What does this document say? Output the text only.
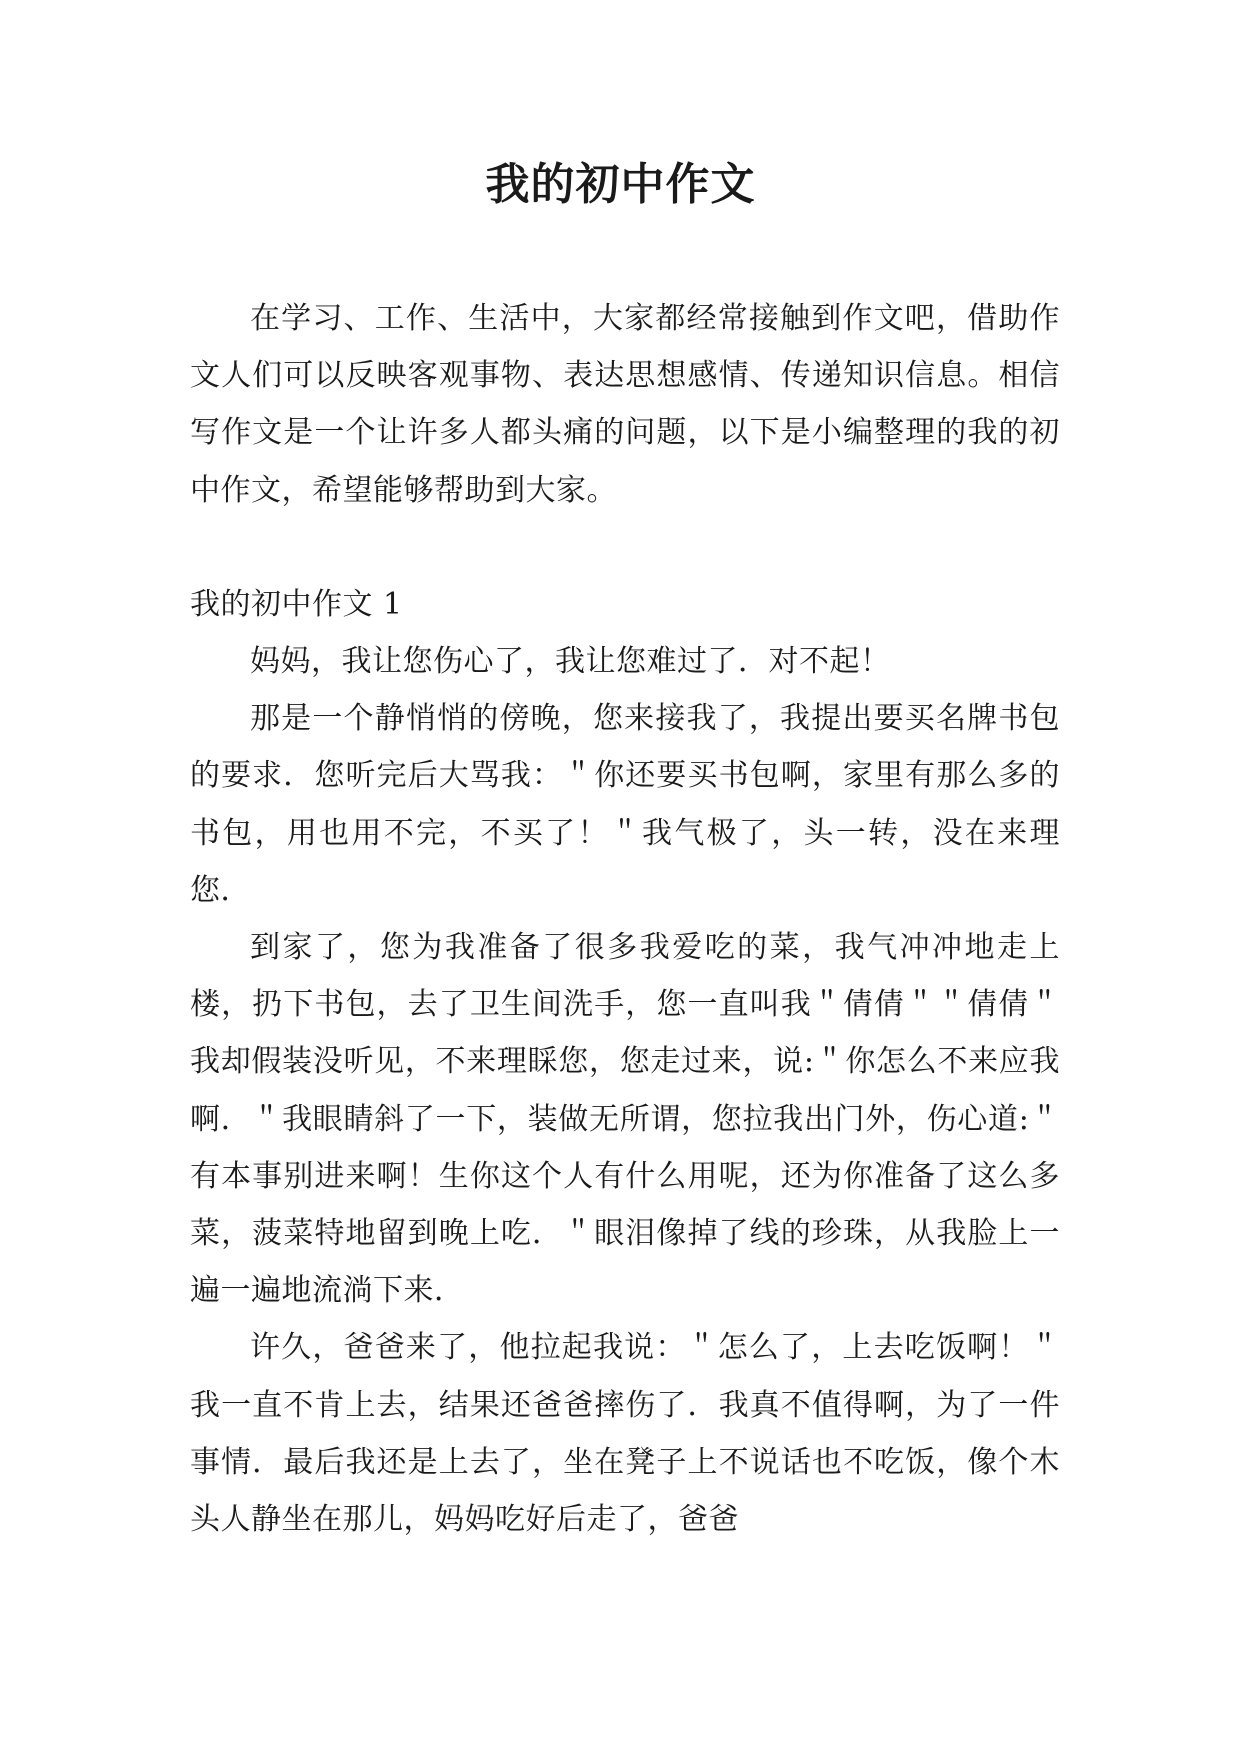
我的初中作文

在学习、工作、生活中，大家都经常接触到作文吧，借助作文人们可以反映客观事物、表达思想感情、传递知识信息。相信写作文是一个让许多人都头痛的问题，以下是小编整理的我的初中作文，希望能够帮助到大家。

我的初中作文 1

妈妈，我让您伤心了，我让您难过了．对不起！

那是一个静悄悄的傍晚，您来接我了，我提出要买名牌书包的要求．您听完后大骂我：＂你还要买书包啊，家里有那么多的书包，用也用不完，不买了！＂我气极了，头一转，没在来理您．

到家了，您为我准备了很多我爱吃的菜，我气冲冲地走上楼，扔下书包，去了卫生间洗手，您一直叫我＂倩倩＂＂倩倩＂我却假装没听见，不来理睬您，您走过来，说:＂你怎么不来应我啊．＂我眼睛斜了一下，装做无所谓，您拉我出门外，伤心道:＂有本事别进来啊！生你这个人有什么用呢，还为你准备了这么多菜，菠菜特地留到晚上吃．＂眼泪像掉了线的珍珠，从我脸上一遍一遍地流淌下来．

许久，爸爸来了，他拉起我说：＂怎么了，上去吃饭啊！＂我一直不肯上去，结果还爸爸摔伤了．我真不值得啊，为了一件事情．最后我还是上去了，坐在凳子上不说话也不吃饭，像个木头人静坐在那儿，妈妈吃好后走了，爸爸
